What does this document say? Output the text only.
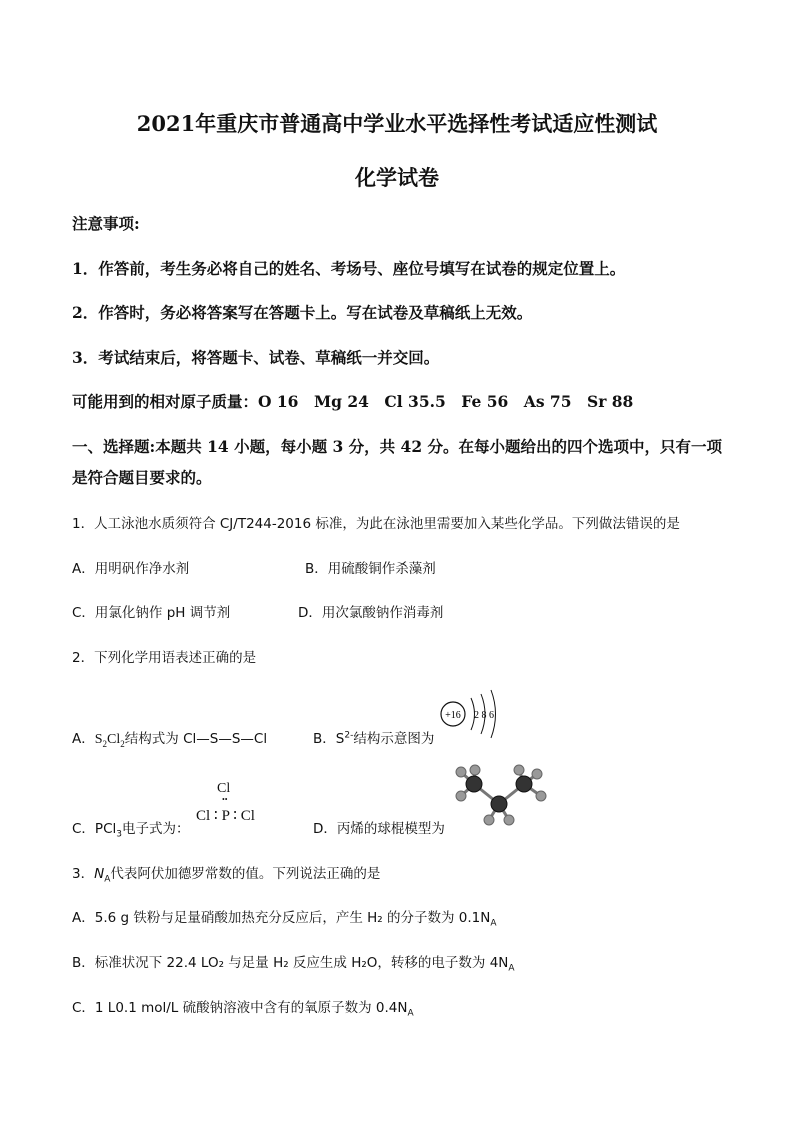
2021年重庆市普通高中学业水平选择性考试适应性测试
化学试卷
注意事项:
1．作答前，考生务必将自己的姓名、考场号、座位号填写在试卷的规定位置上。
2．作答时，务必将答案写在答题卡上。写在试卷及草稿纸上无效。
3．考试结束后，将答题卡、试卷、草稿纸一并交回。
可能用到的相对原子质量：O 16　Mg 24　Cl 35.5　Fe 56　As 75　Sr 88
一、选择题:本题共 14 小题，每小题 3 分，共 42 分。在每小题给出的四个选项中，只有一项
是符合题目要求的。
1．人工泳池水质须符合 CJ/T244-2016 标准，为此在泳池里需要加入某些化学品。下列做法错误的是
A．用明矾作净水剂	B．用硫酸铜作杀藻剂
C．用氯化钠作 pH 调节剂	D．用次氯酸钠作消毒剂
2．下列化学用语表述正确的是
A．$S_2Cl_2$结构式为 Cl—S—S—Cl	B．$S^{2-}$结构示意图为
+16 2 8 6
C．PCl$_3$电子式为：
Cl
••
Cl ∶ P ∶ Cl
D．丙烯的球棍模型为
3．$N_A$代表阿伏加德罗常数的值。下列说法正确的是
A．5.6 g 铁粉与足量硝酸加热充分反应后，产生 H₂ 的分子数为 $0.1N_A$
B．标准状况下 22.4 LO₂ 与足量 H₂ 反应生成 H₂O，转移的电子数为 $4N_A$
C．1 L0.1 mol/L 硫酸钠溶液中含有的氧原子数为 $0.4N_A$
